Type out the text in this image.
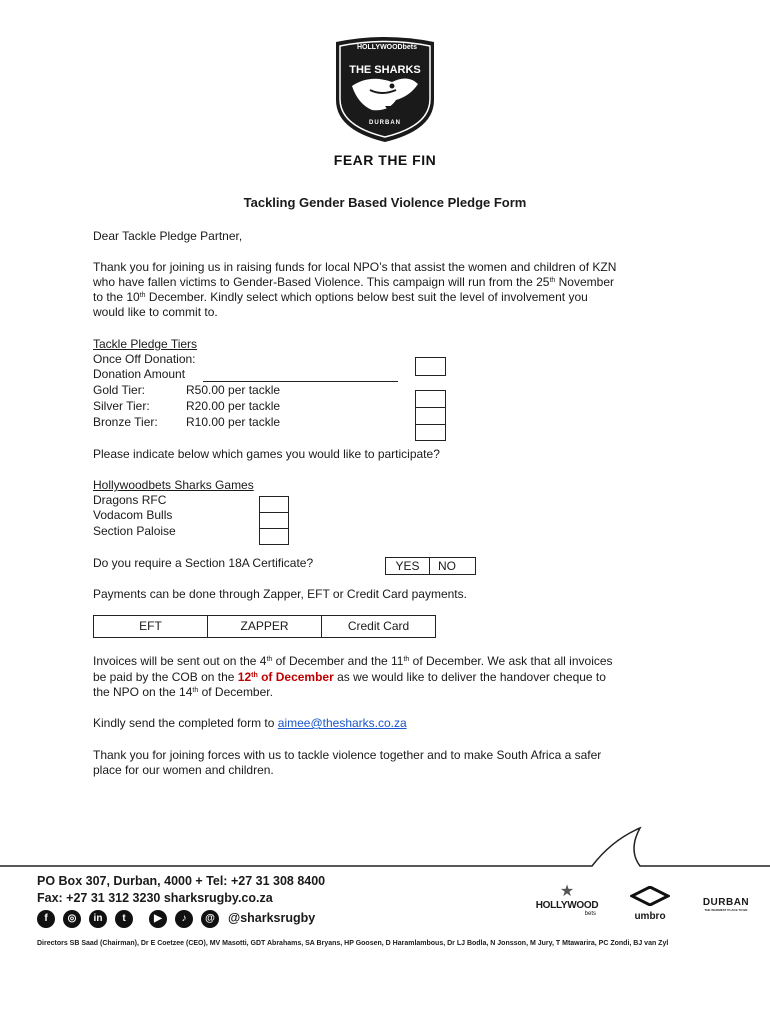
HOLLYWOODbets
THE SHARKS
DURBAN
FEAR THE FIN
Tackling Gender Based Violence Pledge Form
Dear Tackle Pledge Partner,
Thank you for joining us in raising funds for local NPO’s that assist the women and children of KZN
who have fallen victims to Gender-Based Violence. This campaign will run from the 25th November
to the 10th December. Kindly select which options below best suit the level of involvement you
would like to commit to.
Tackle Pledge Tiers
Once Off Donation:
Donation Amount
Gold Tier:	R50.00 per tackle
Silver Tier:	R20.00 per tackle
Bronze Tier: R10.00 per tackle
Please indicate below which games you would like to participate?
Hollywoodbets Sharks Games
Dragons RFC
Vodacom Bulls
Section Paloise
Do you require a Section 18A Certificate?	YES	NO
Payments can be done through Zapper, EFT or Credit Card payments.
EFT	ZAPPER	Credit Card
Invoices will be sent out on the 4th of December and the 11th of December. We ask that all invoices
be paid by the COB on the 12th of December as we would like to deliver the handover cheque to
the NPO on the 14th of December.
Kindly send the completed form to aimee@thesharks.co.za
Thank you for joining forces with us to tackle violence together and to make South Africa a safer
place for our women and children.
PO Box 307, Durban, 4000 + Tel: +27 31 308 8400
Fax: +27 31 312 3230 sharksrugby.co.za
f	◎	in	t	▶	♪	@	@sharksrugby
★
HOLLYWOOD
bets	umbro
DURBAN
THE WARMEST PLACE TO BE
Directors SB Saad (Chairman), Dr E Coetzee (CEO), MV Masotti, GDT Abrahams, SA Bryans, HP Goosen, D Haramlambous, Dr LJ Bodla, N Jonsson, M Jury, T Mtawarira, PC Zondi, BJ van Zyl
